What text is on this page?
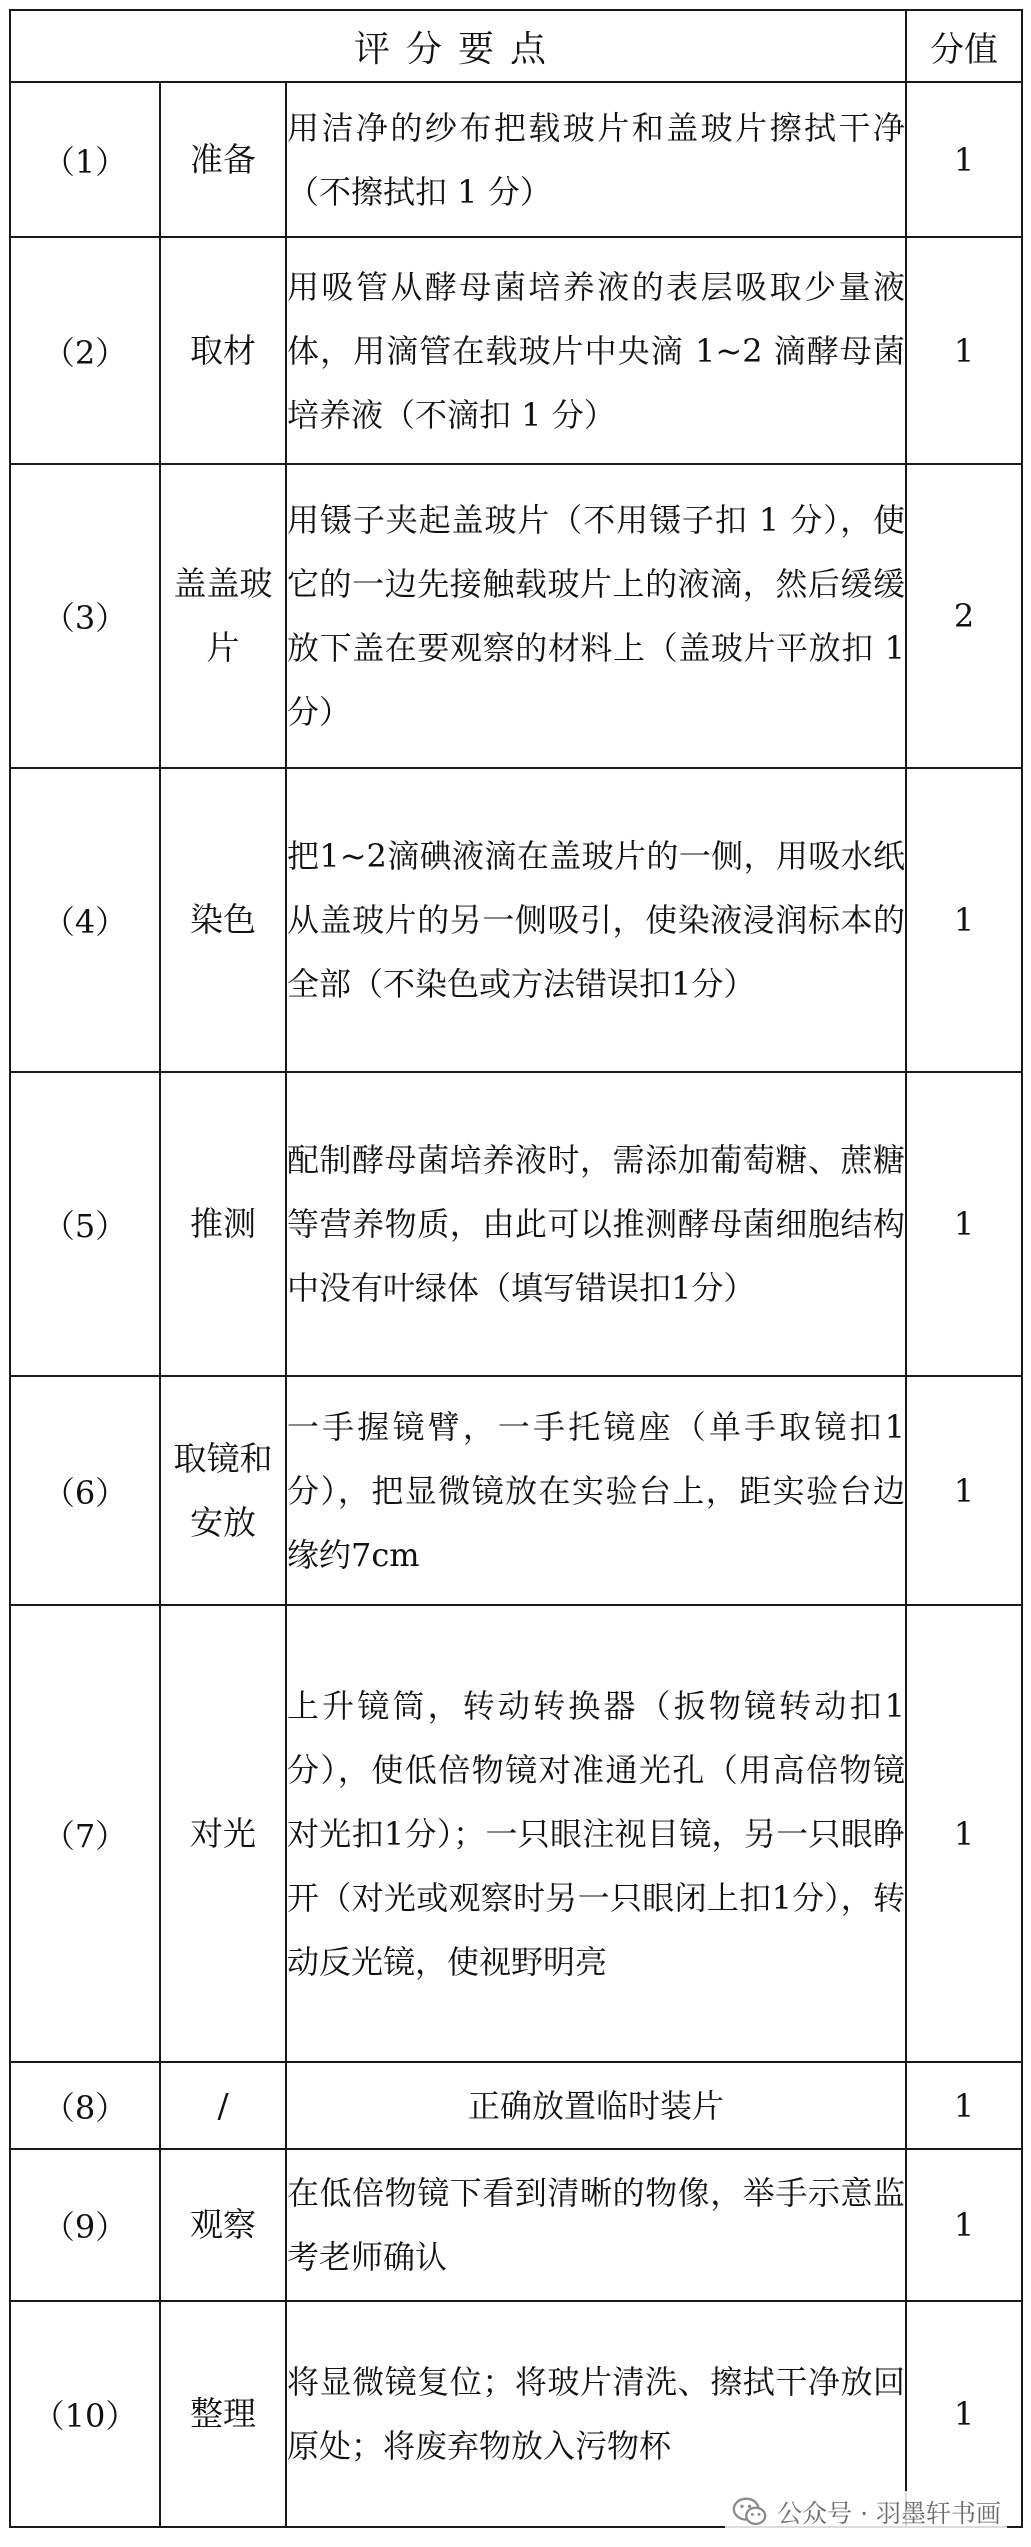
评分要点			分值
（1）	准备	用洁净的纱布把载玻片和盖玻片擦拭干净（不擦拭扣 1 分）	1
（2）	取材	用吸管从酵母菌培养液的表层吸取少量液体，用滴管在载玻片中央滴 1~2 滴酵母菌培养液（不滴扣 1 分）	1
（3）	盖盖玻片	用镊子夹起盖玻片（不用镊子扣 1 分），使它的一边先接触载玻片上的液滴，然后缓缓放下盖在要观察的材料上（盖玻片平放扣 1 分）	2
（4）	染色	把1~2滴碘液滴在盖玻片的一侧，用吸水纸从盖玻片的另一侧吸引，使染液浸润标本的全部（不染色或方法错误扣1分）	1
（5）	推测	配制酵母菌培养液时，需添加葡萄糖、蔗糖等营养物质，由此可以推测酵母菌细胞结构中没有叶绿体（填写错误扣1分）	1
（6）	取镜和安放	一手握镜臂，一手托镜座（单手取镜扣1分），把显微镜放在实验台上，距实验台边缘约7cm	1
（7）	对光	上升镜筒，转动转换器（扳物镜转动扣1分），使低倍物镜对准通光孔（用高倍物镜对光扣1分）；一只眼注视目镜，另一只眼睁开（对光或观察时另一只眼闭上扣1分），转动反光镜，使视野明亮	1
（8）	/	正确放置临时装片	1
（9）	观察	在低倍物镜下看到清晰的物像，举手示意监考老师确认	1
（10）	整理	将显微镜复位；将玻片清洗、擦拭干净放回原处；将废弃物放入污物杯	1
公众号 · 羽墨轩书画
